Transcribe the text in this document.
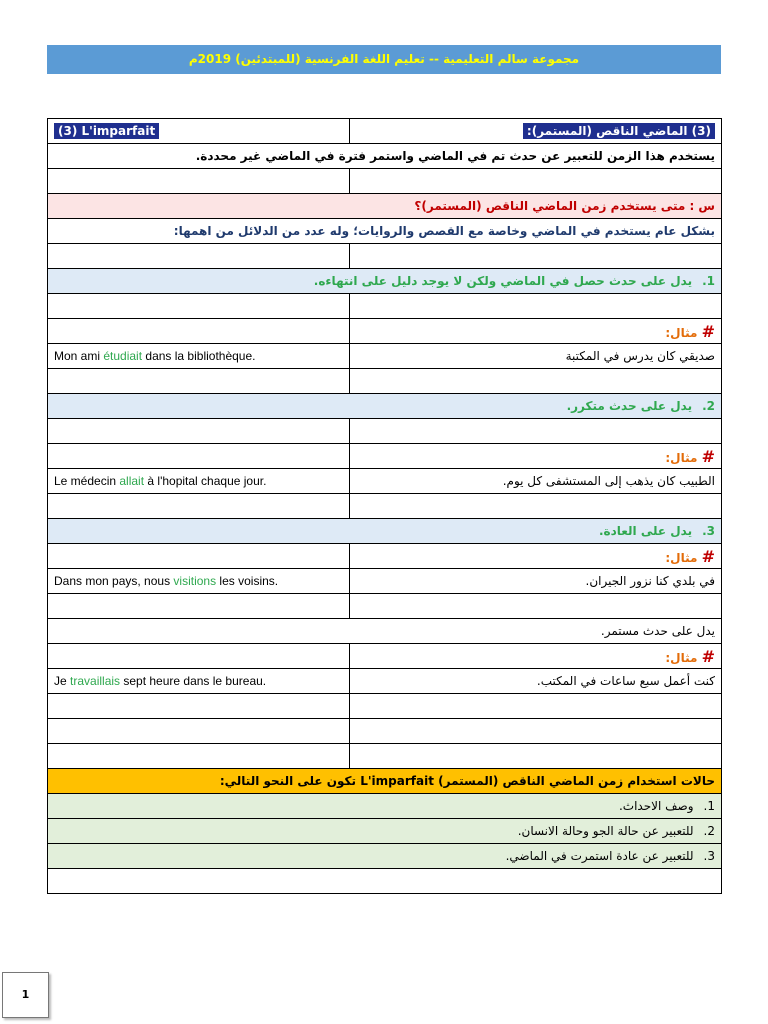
مجموعة سالم التعليمية -- تعليم اللغة الفرنسية (للمبتدئين) 2019م
(3) L'imparfait	(3) الماضي الناقص (المستمر):
يستخدم هذا الزمن للتعبير عن حدث تم في الماضي واستمر فترة في الماضي غير محددة.	

س : متى يستخدم زمن الماضي الناقص (المستمر)؟	
بشكل عام يستخدم في الماضي وخاصة مع القصص والروايات؛ وله عدد من الدلائل من اهمها:	

1.يدل على حدث حصل في الماضي ولكن لا يوجد دليل على انتهاءه.	

	# مثال:
Mon ami étudiait dans la bibliothèque.	صديقي كان يدرس في المكتبة

2.يدل على حدث متكرر.	

	# مثال:
Le médecin allait à l'hopital chaque jour.	الطبيب كان يذهب إلى المستشفى كل يوم.

3.يدل على العادة.	
	# مثال:
Dans mon pays, nous visitions les voisins.	في بلدي كنا نزور الجيران.

يدل على حدث مستمر.	
	# مثال:
Je travaillais sept heure dans le bureau.	كنت أعمل سبع ساعات في المكتب.

حالات استخدام زمن الماضي الناقص (المستمر) L'imparfait تكون على النحو التالي:	
1.وصف الاحداث.	
2.للتعبير عن حالة الجو وحالة الانسان.	
3.للتعبير عن عادة استمرت في الماضي.	

1
